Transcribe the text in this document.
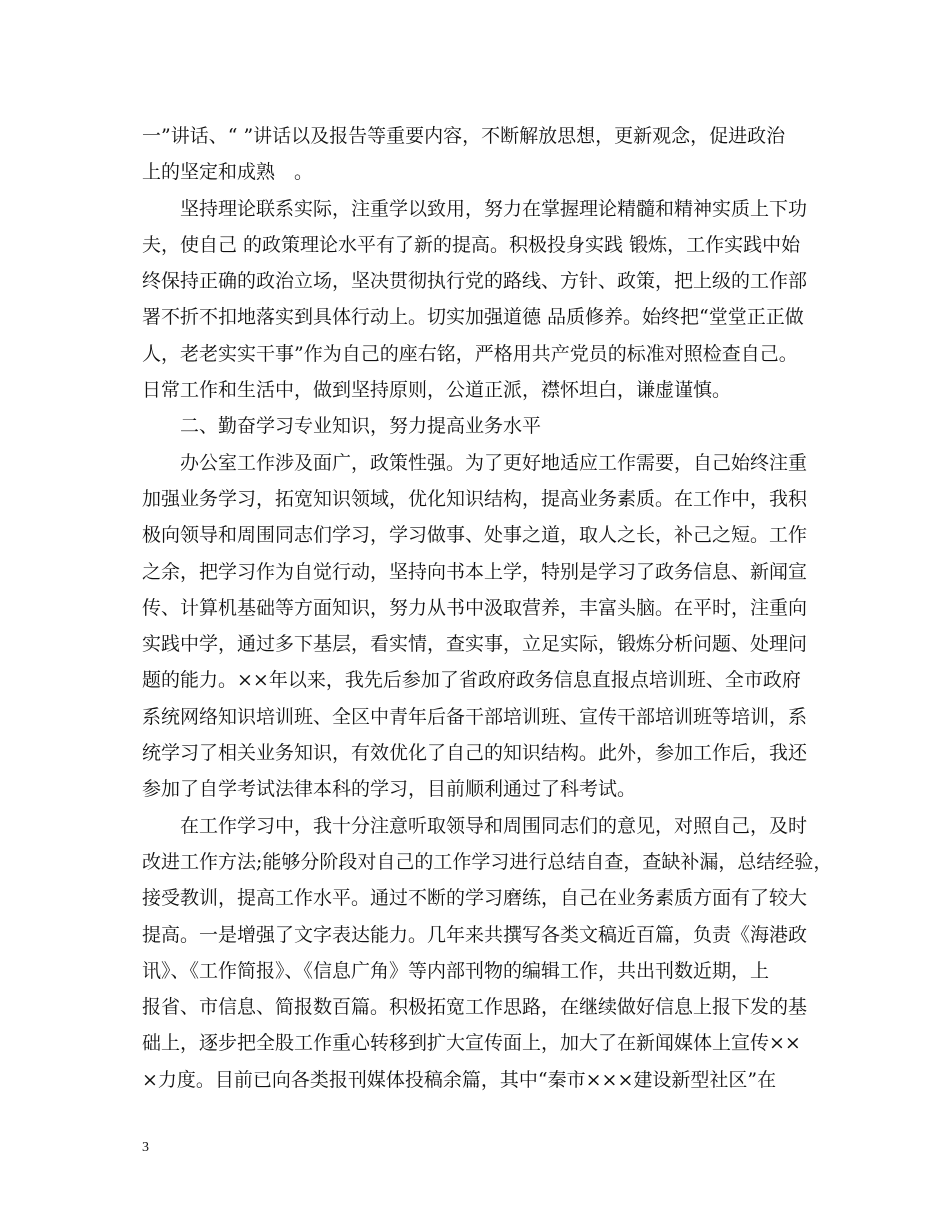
一”讲话、“ ”讲话以及报告等重要内容，不断解放思想，更新观念，促进政治
上的坚定和成熟　。
坚持理论联系实际，注重学以致用，努力在掌握理论精髓和精神实质上下功
夫，使自己 的政策理论水平有了新的提高。积极投身实践 锻炼，工作实践中始
终保持正确的政治立场，坚决贯彻执行党的路线、方针、政策，把上级的工作部
署不折不扣地落实到具体行动上。切实加强道德 品质修养。始终把“堂堂正正做
人，老老实实干事”作为自己的座右铭，严格用共产党员的标准对照检查自己。
日常工作和生活中，做到坚持原则，公道正派，襟怀坦白，谦虚谨慎。
二、勤奋学习专业知识，努力提高业务水平
办公室工作涉及面广，政策性强。为了更好地适应工作需要，自己始终注重
加强业务学习，拓宽知识领域，优化知识结构，提高业务素质。在工作中，我积
极向领导和周围同志们学习，学习做事、处事之道，取人之长，补己之短。工作
之余，把学习作为自觉行动，坚持向书本上学，特别是学习了政务信息、新闻宣
传、计算机基础等方面知识，努力从书中汲取营养，丰富头脑。在平时，注重向
实践中学，通过多下基层，看实情，查实事，立足实际，锻炼分析问题、处理问
题的能力。××年以来，我先后参加了省政府政务信息直报点培训班、全市政府
系统网络知识培训班、全区中青年后备干部培训班、宣传干部培训班等培训，系
统学习了相关业务知识，有效优化了自己的知识结构。此外，参加工作后，我还
参加了自学考试法律本科的学习，目前顺利通过了科考试。
在工作学习中，我十分注意听取领导和周围同志们的意见，对照自己，及时
改进工作方法;能够分阶段对自己的工作学习进行总结自查，查缺补漏，总结经验，
接受教训，提高工作水平。通过不断的学习磨练，自己在业务素质方面有了较大
提高。一是增强了文字表达能力。几年来共撰写各类文稿近百篇，负责《海港政
讯》、《工作简报》、《信息广角》等内部刊物的编辑工作，共出刊数近期，上
报省、市信息、简报数百篇。积极拓宽工作思路，在继续做好信息上报下发的基
础上，逐步把全股工作重心转移到扩大宣传面上，加大了在新闻媒体上宣传××
×力度。目前已向各类报刊媒体投稿余篇，其中“秦市×××建设新型社区”在
3
